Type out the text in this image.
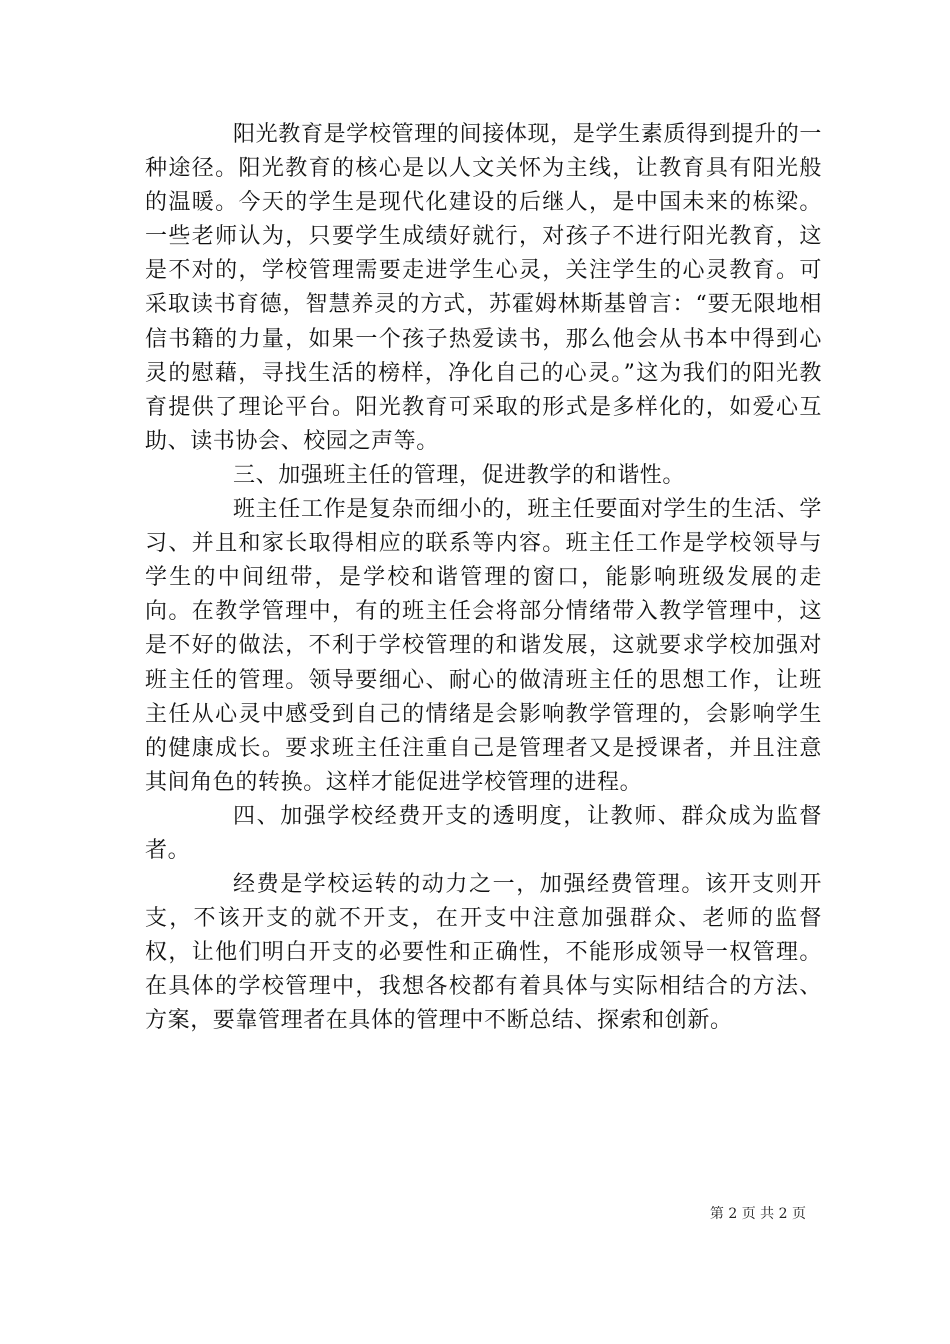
阳光教育是学校管理的间接体现，是学生素质得到提升的一种途径。阳光教育的核心是以人文关怀为主线，让教育具有阳光般的温暖。今天的学生是现代化建设的后继人，是中国未来的栋梁。一些老师认为，只要学生成绩好就行，对孩子不进行阳光教育，这是不对的，学校管理需要走进学生心灵，关注学生的心灵教育。可采取读书育德，智慧养灵的方式，苏霍姆林斯基曾言：“要无限地相信书籍的力量，如果一个孩子热爱读书，那么他会从书本中得到心灵的慰藉，寻找生活的榜样，净化自己的心灵。”这为我们的阳光教育提供了理论平台。阳光教育可采取的形式是多样化的，如爱心互助、读书协会、校园之声等。

三、加强班主任的管理，促进教学的和谐性。

班主任工作是复杂而细小的，班主任要面对学生的生活、学习、并且和家长取得相应的联系等内容。班主任工作是学校领导与学生的中间纽带，是学校和谐管理的窗口，能影响班级发展的走向。在教学管理中，有的班主任会将部分情绪带入教学管理中，这是不好的做法，不利于学校管理的和谐发展，这就要求学校加强对班主任的管理。领导要细心、耐心的做清班主任的思想工作，让班主任从心灵中感受到自己的情绪是会影响教学管理的，会影响学生的健康成长。要求班主任注重自己是管理者又是授课者，并且注意其间角色的转换。这样才能促进学校管理的进程。

四、加强学校经费开支的透明度，让教师、群众成为监督者。

经费是学校运转的动力之一，加强经费管理。该开支则开支，不该开支的就不开支，在开支中注意加强群众、老师的监督权，让他们明白开支的必要性和正确性，不能形成领导一权管理。在具体的学校管理中，我想各校都有着具体与实际相结合的方法、方案，要靠管理者在具体的管理中不断总结、探索和创新。

第 2 页 共 2 页
